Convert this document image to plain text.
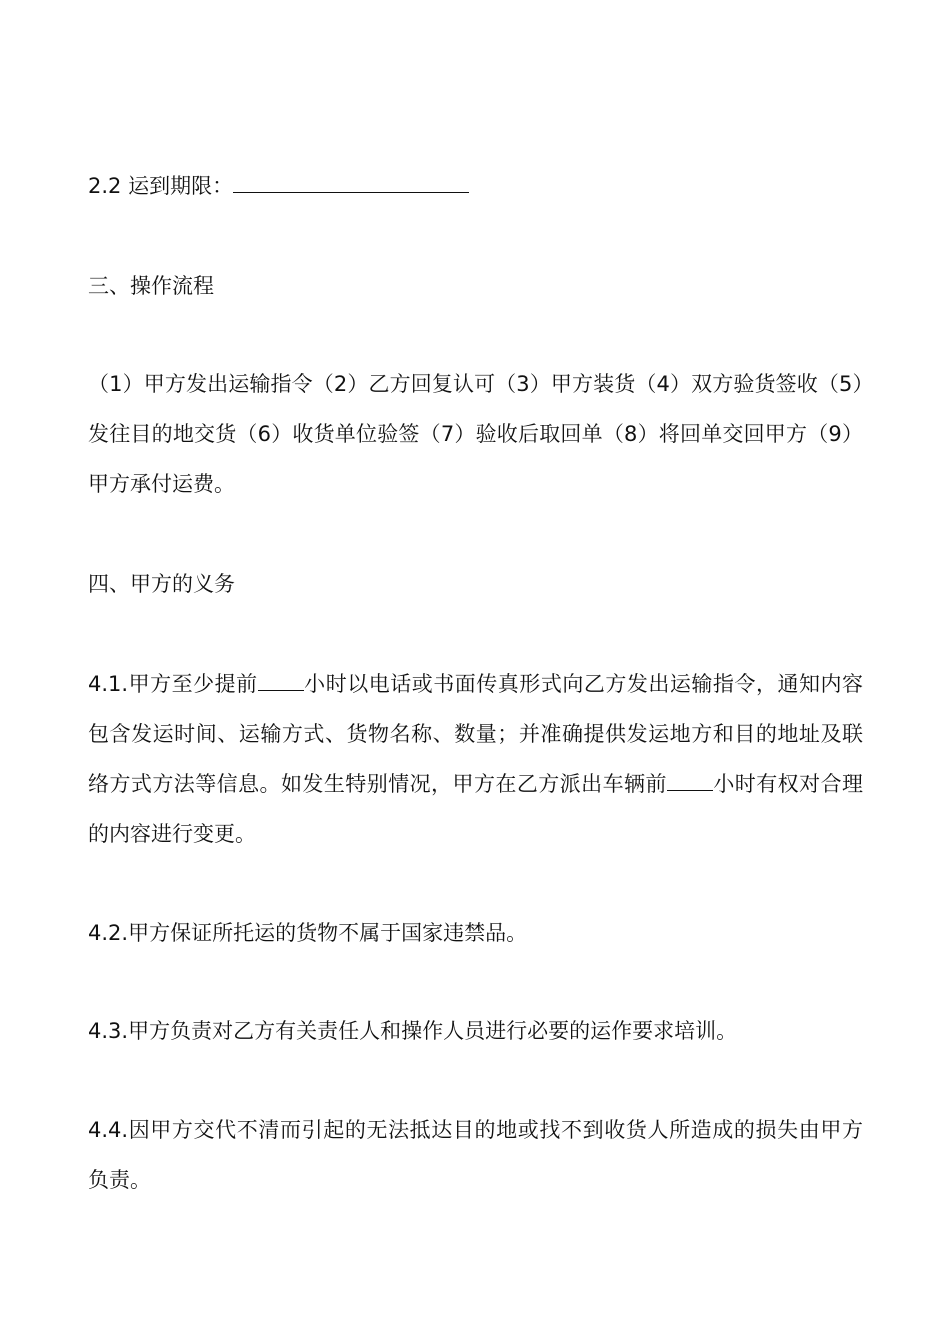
2.2 运到期限：

三、操作流程

（1）甲方发出运输指令（2）乙方回复认可（3）甲方装货（4）双方验货签收（5）发往目的地交货（6）收货单位验签（7）验收后取回单（8）将回单交回甲方（9）甲方承付运费。

四、甲方的义务

4.1.甲方至少提前 小时以电话或书面传真形式向乙方发出运输指令，通知内容包含发运时间、运输方式、货物名称、数量；并准确提供发运地方和目的地址及联络方式方法等信息。如发生特别情况，甲方在乙方派出车辆前 小时有权对合理的内容进行变更。

4.2.甲方保证所托运的货物不属于国家违禁品。

4.3.甲方负责对乙方有关责任人和操作人员进行必要的运作要求培训。

4.4.因甲方交代不清而引起的无法抵达目的地或找不到收货人所造成的损失由甲方负责。
